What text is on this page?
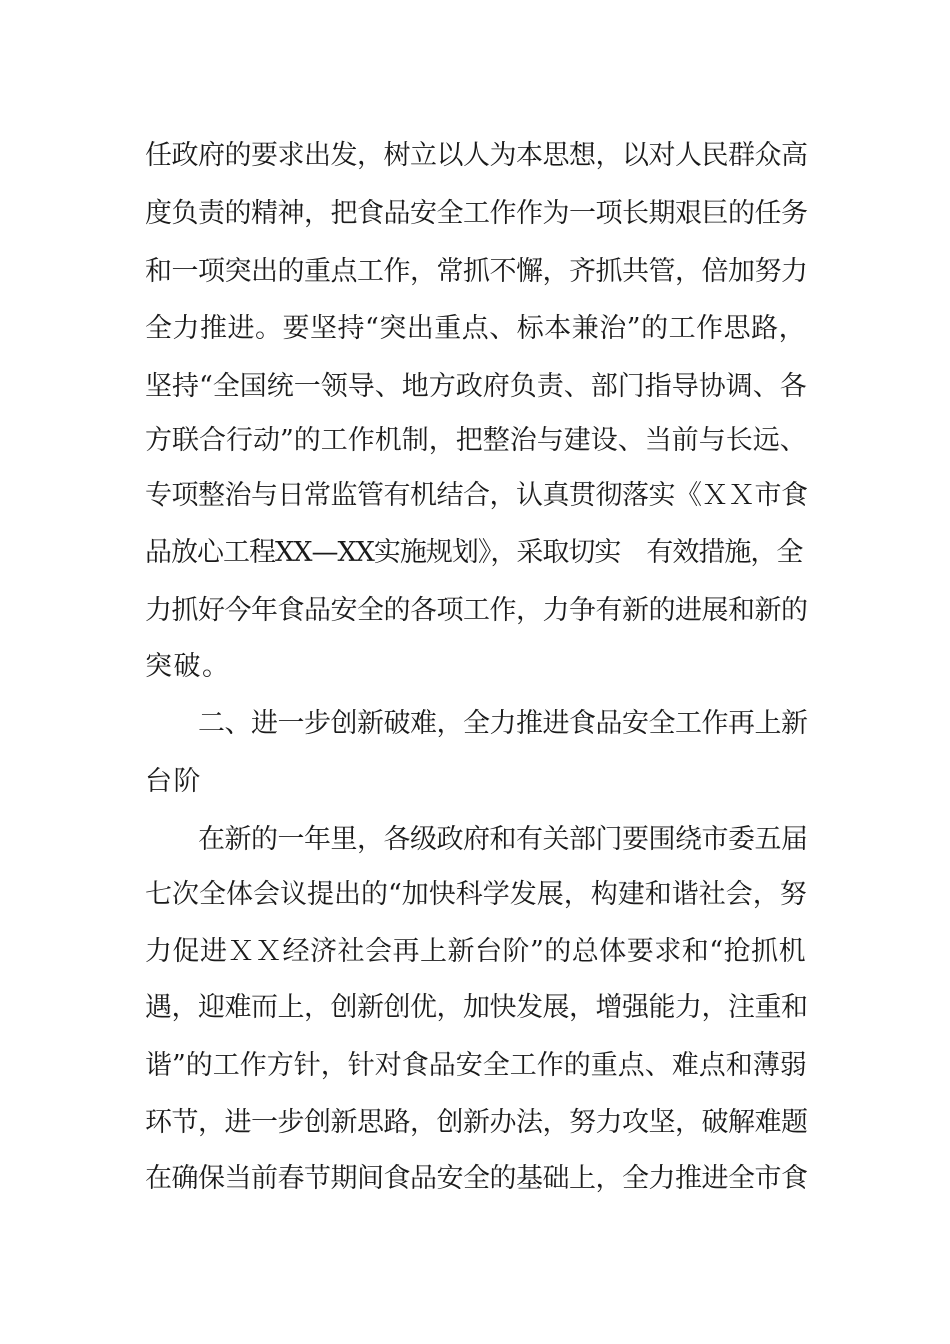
任政府的要求出发，树立以人为本思想，以对人民群众高
度负责的精神，把食品安全工作作为一项长期艰巨的任务
和一项突出的重点工作，常抓不懈，齐抓共管，倍加努力
全力推进。要坚持“突出重点、标本兼治”的工作思路，
坚持“全国统一领导、地方政府负责、部门指导协调、各
方联合行动”的工作机制，把整治与建设、当前与长远、
专项整治与日常监管有机结合，认真贯彻落实《ＸＸ市食
品放心工程XX—XX实施规划》，采取切实　有效措施，全
力抓好今年食品安全的各项工作，力争有新的进展和新的
突破。
二、进一步创新破难，全力推进食品安全工作再上新
台阶
在新的一年里，各级政府和有关部门要围绕市委五届
七次全体会议提出的“加快科学发展，构建和谐社会，努
力促进ＸＸ经济社会再上新台阶”的总体要求和“抢抓机
遇，迎难而上，创新创优，加快发展，增强能力，注重和
谐”的工作方针，针对食品安全工作的重点、难点和薄弱
环节，进一步创新思路，创新办法，努力攻坚，破解难题
在确保当前春节期间食品安全的基础上，全力推进全市食
